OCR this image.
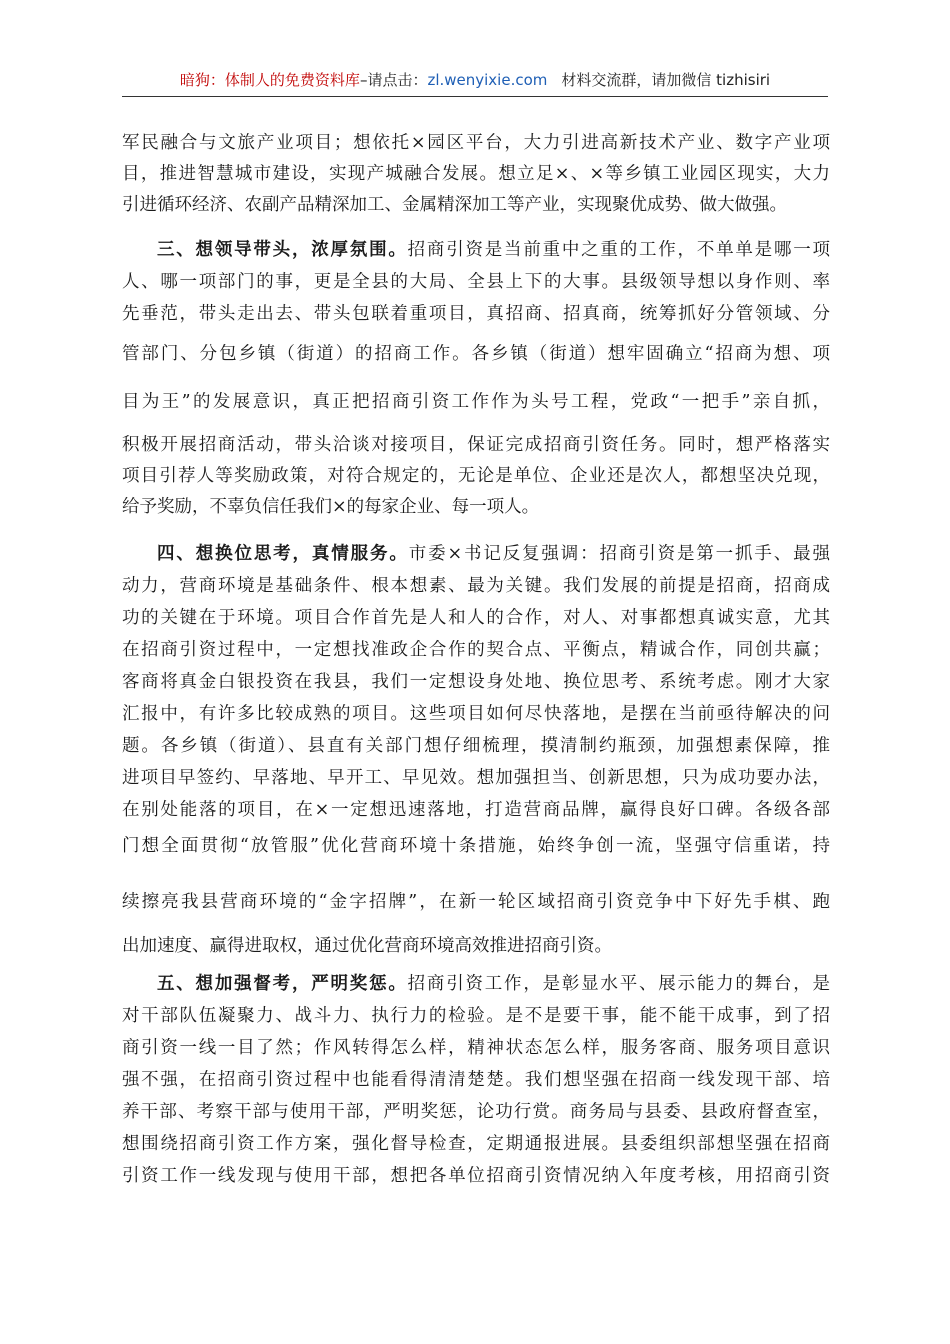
暗狗：体制人的免费资料库–请点击：zl.wenyixie.com 材料交流群，请加微信 tizhisiri
军民融合与文旅产业项目；想依托×园区平台，大力引进高新技术产业、数字产业项
目，推进智慧城市建设，实现产城融合发展。想立足×、×等乡镇工业园区现实，大力
引进循环经济、农副产品精深加工、金属精深加工等产业，实现聚优成势、做大做强。
三、想领导带头，浓厚氛围。招商引资是当前重中之重的工作，不单单是哪一项
人、哪一项部门的事，更是全县的大局、全县上下的大事。县级领导想以身作则、率
先垂范，带头走出去、带头包联着重项目，真招商、招真商，统筹抓好分管领域、分
管部门、分包乡镇（街道）的招商工作。各乡镇（街道）想牢固确立“招商为想、项
目为王”的发展意识，真正把招商引资工作作为头号工程，党政“一把手”亲自抓，
积极开展招商活动，带头洽谈对接项目，保证完成招商引资任务。同时，想严格落实
项目引荐人等奖励政策，对符合规定的，无论是单位、企业还是次人，都想坚决兑现，
给予奖励，不辜负信任我们×的每家企业、每一项人。
四、想换位思考，真情服务。市委×书记反复强调：招商引资是第一抓手、最强
动力，营商环境是基础条件、根本想素、最为关键。我们发展的前提是招商，招商成
功的关键在于环境。项目合作首先是人和人的合作，对人、对事都想真诚实意，尤其
在招商引资过程中，一定想找准政企合作的契合点、平衡点，精诚合作，同创共赢；
客商将真金白银投资在我县，我们一定想设身处地、换位思考、系统考虑。刚才大家
汇报中，有许多比较成熟的项目。这些项目如何尽快落地，是摆在当前亟待解决的问
题。各乡镇（街道）、县直有关部门想仔细梳理，摸清制约瓶颈，加强想素保障，推
进项目早签约、早落地、早开工、早见效。想加强担当、创新思想，只为成功要办法，
在别处能落的项目，在×一定想迅速落地，打造营商品牌，赢得良好口碑。各级各部
门想全面贯彻“放管服”优化营商环境十条措施，始终争创一流，坚强守信重诺，持
续擦亮我县营商环境的“金字招牌”，在新一轮区域招商引资竞争中下好先手棋、跑
出加速度、赢得进取权，通过优化营商环境高效推进招商引资。
五、想加强督考，严明奖惩。招商引资工作，是彰显水平、展示能力的舞台，是
对干部队伍凝聚力、战斗力、执行力的检验。是不是要干事，能不能干成事，到了招
商引资一线一目了然；作风转得怎么样，精神状态怎么样，服务客商、服务项目意识
强不强，在招商引资过程中也能看得清清楚楚。我们想坚强在招商一线发现干部、培
养干部、考察干部与使用干部，严明奖惩，论功行赏。商务局与县委、县政府督查室，
想围绕招商引资工作方案，强化督导检查，定期通报进展。县委组织部想坚强在招商
引资工作一线发现与使用干部，想把各单位招商引资情况纳入年度考核，用招商引资
